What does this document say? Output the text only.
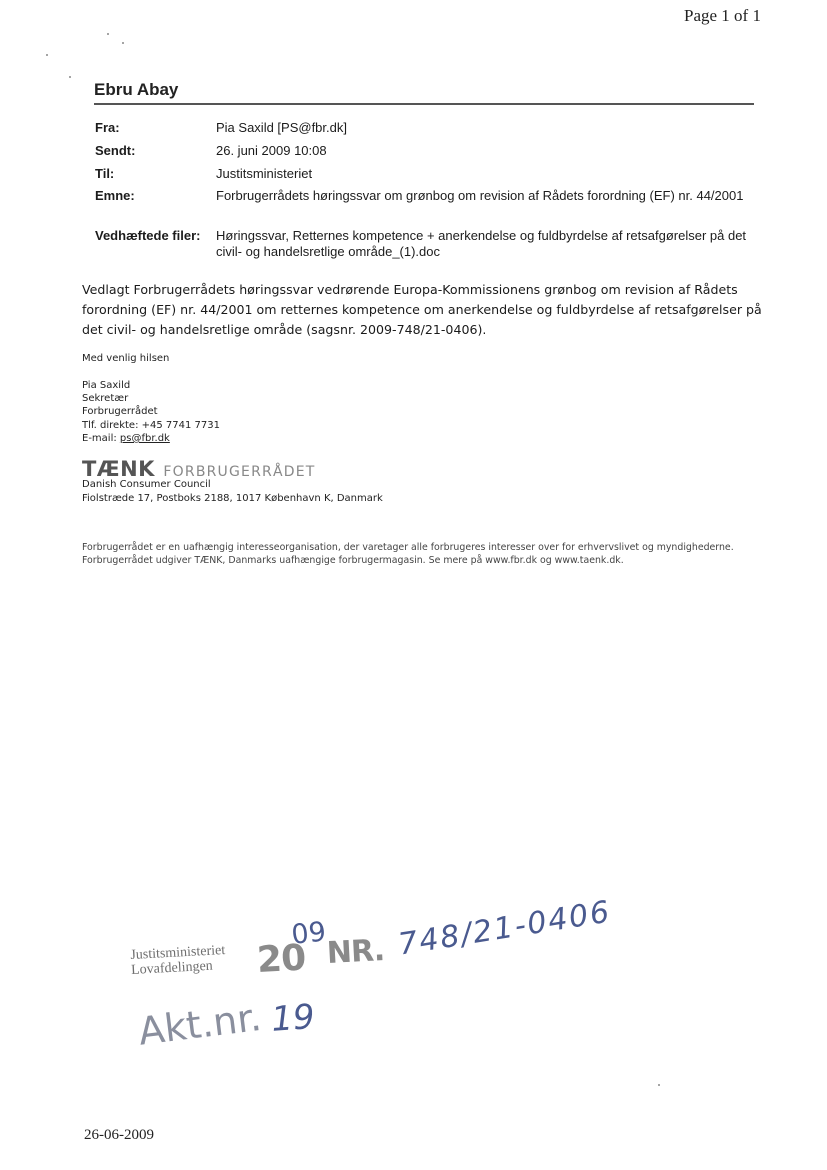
Page 1 of 1
Ebru Abay
Fra:	Pia Saxild [PS@fbr.dk]
Sendt:	26. juni 2009 10:08
Til:	Justitsministeriet
Emne:	Forbrugerrådets høringssvar om grønbog om revision af Rådets forordning (EF) nr. 44/2001
Vedhæftede filer: Høringssvar, Retternes kompetence + anerkendelse og fuldbyrdelse af retsafgørelser på det civil- og handelsretlige område_(1).doc
Vedlagt Forbrugerrådets høringssvar vedrørende Europa-Kommissionens grønbog om revision af Rådets forordning (EF) nr. 44/2001 om retternes kompetence om anerkendelse og fuldbyrdelse af retsafgørelser på det civil- og handelsretlige område (sagsnr. 2009-748/21-0406).
Med venlig hilsen
Pia Saxild
Sekretær
Forbrugerrådet
Tlf. direkte: +45 7741 7731
E-mail: ps@fbr.dk
TÆNK FORBRUGERRÅDET
Danish Consumer Council
Fiolstræde 17, Postboks 2188, 1017 København K, Danmark
Forbrugerrådet er en uafhængig interesseorganisation, der varetager alle forbrugeres interesser over for erhvervslivet og myndighederne. Forbrugerrådet udgiver TÆNK, Danmarks uafhængige forbrugermagasin. Se mere på www.fbr.dk og www.taenk.dk.
Justitsministeriet
Lovafdelingen	20
09
NR. 748/21-0406
Akt.nr. 19
26-06-2009
